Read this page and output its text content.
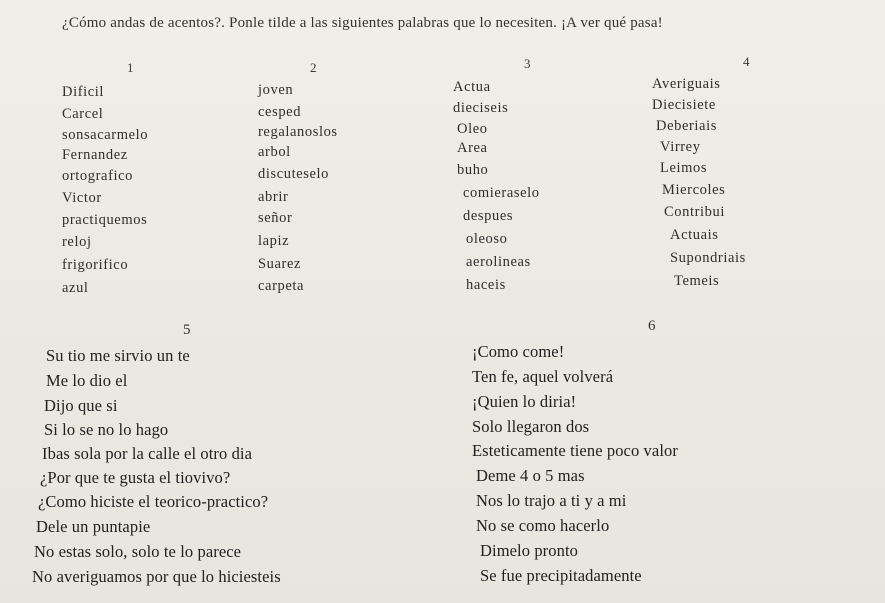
¿Cómo andas de acentos?. Ponle tilde a las siguientes palabras que lo necesiten. ¡A ver qué pasa!
1
Dificil
Carcel
sonsacarmelo
Fernandez
ortografico
Victor
practiquemos
reloj
frigorifico
azul
2
joven
cesped
regalanoslos
arbol
discuteselo
abrir
señor
lapiz
Suarez
carpeta
3
Actua
dieciseis
Oleo
Area
buho
comieraselo
despues
oleoso
aerolineas
haceis
4
Averiguais
Diecisiete
Deberiais
Virrey
Leimos
Miercoles
Contribui
Actuais
Supondriais
Temeis
5
Su tio me sirvio un te
Me lo dio el
Dijo que si
Si lo se no lo hago
Ibas sola por la calle el otro dia
¿Por que te gusta el tiovivo?
¿Como hiciste el teorico-practico?
Dele un puntapie
No estas solo, solo te lo parece
No averiguamos por que lo hiciesteis
6
¡Como come!
Ten fe, aquel volverá
¡Quien lo diria!
Solo llegaron dos
Esteticamente tiene poco valor
Deme 4 o 5 mas
Nos lo trajo a ti y a mi
No se como hacerlo
Dimelo pronto
Se fue precipitadamente
